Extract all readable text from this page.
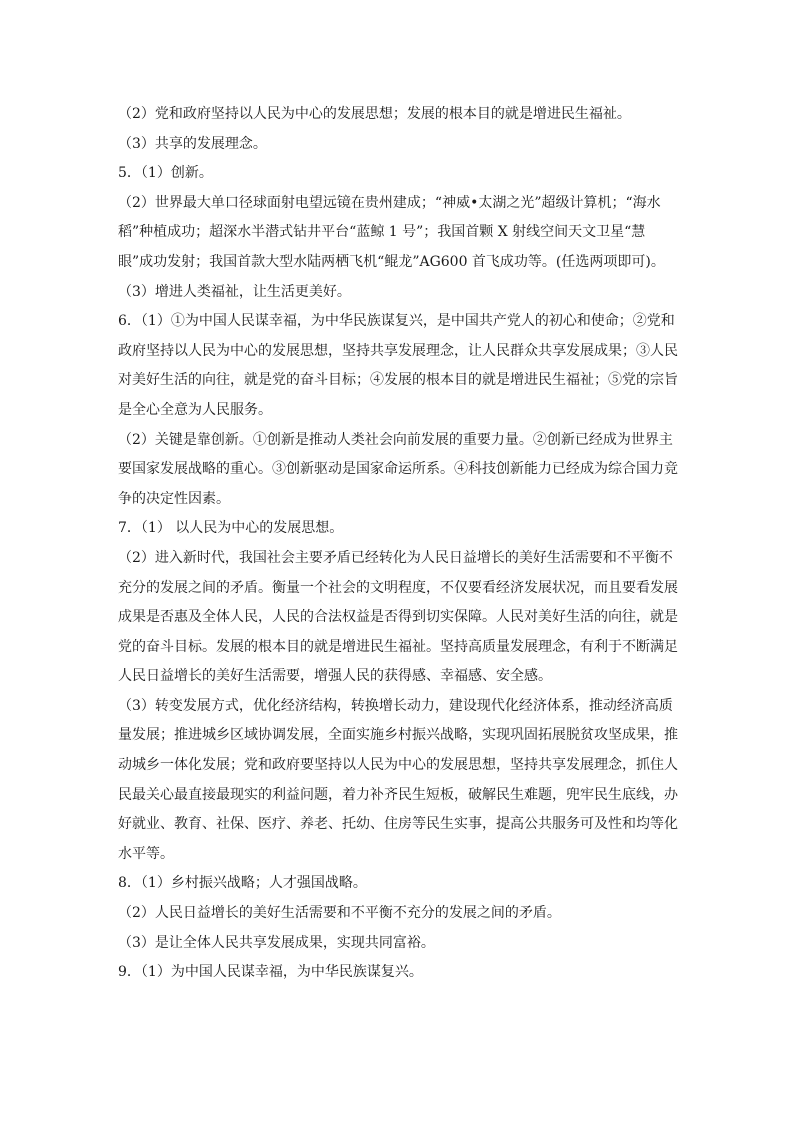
（2）党和政府坚持以人民为中心的发展思想；发展的根本目的就是增进民生福祉。

（3）共享的发展理念。

5．（1）创新。

（2）世界最大单口径球面射电望远镜在贵州建成；“神威•太湖之光”超级计算机；“海水稻”种植成功；超深水半潜式钻井平台“蓝鲸 1 号”；我国首颗 X 射线空间天文卫星“慧眼”成功发射；我国首款大型水陆两栖飞机“鲲龙”AG600 首飞成功等。(任选两项即可)。

（3）增进人类福祉，让生活更美好。

6．（1）①为中国人民谋幸福，为中华民族谋复兴，是中国共产党人的初心和使命；②党和政府坚持以人民为中心的发展思想，坚持共享发展理念，让人民群众共享发展成果；③人民对美好生活的向往，就是党的奋斗目标；④发展的根本目的就是增进民生福祉；⑤党的宗旨是全心全意为人民服务。

（2）关键是靠创新。①创新是推动人类社会向前发展的重要力量。②创新已经成为世界主要国家发展战略的重心。③创新驱动是国家命运所系。④科技创新能力已经成为综合国力竞争的决定性因素。

7．（1） 以人民为中心的发展思想。

（2）进入新时代，我国社会主要矛盾已经转化为人民日益增长的美好生活需要和不平衡不充分的发展之间的矛盾。衡量一个社会的文明程度，不仅要看经济发展状况，而且要看发展成果是否惠及全体人民，人民的合法权益是否得到切实保障。人民对美好生活的向往，就是党的奋斗目标。发展的根本目的就是增进民生福祉。坚持高质量发展理念，有利于不断满足人民日益增长的美好生活需要，增强人民的获得感、幸福感、安全感。

（3）转变发展方式，优化经济结构，转换增长动力，建设现代化经济体系，推动经济高质量发展；推进城乡区域协调发展，全面实施乡村振兴战略，实现巩固拓展脱贫攻坚成果，推动城乡一体化发展；党和政府要坚持以人民为中心的发展思想，坚持共享发展理念，抓住人民最关心最直接最现实的利益问题，着力补齐民生短板，破解民生难题，兜牢民生底线，办好就业、教育、社保、医疗、养老、托幼、住房等民生实事，提高公共服务可及性和均等化水平等。

8．（1）乡村振兴战略；人才强国战略。

（2）人民日益增长的美好生活需要和不平衡不充分的发展之间的矛盾。

（3）是让全体人民共享发展成果，实现共同富裕。

9．（1）为中国人民谋幸福，为中华民族谋复兴。
